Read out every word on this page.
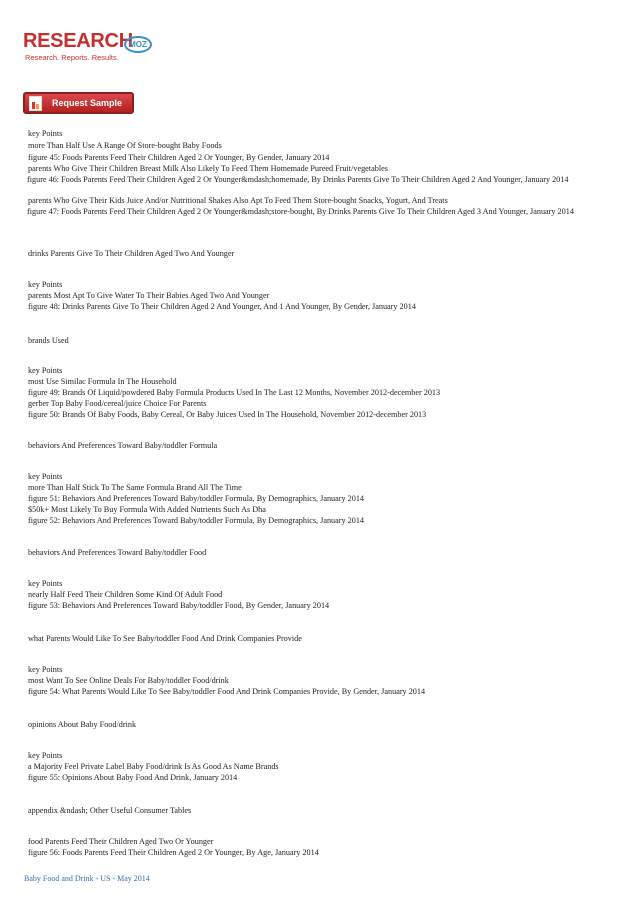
RESEARCH
MOZ
Research. Reports. Results.
Request Sample
key Points
more Than Half Use A Range Of Store-bought Baby Foods
figure 45: Foods Parents Feed Their Children Aged 2 Or Younger, By Gender, January 2014
parents Who Give Their Children Breast Milk Also Likely To Feed Them Homemade Pureed Fruit/vegetables
figure 46: Foods Parents Feed Their Children Aged 2 Or Younger&mdash;homemade, By Drinks Parents Give To Their Children Aged 2 And Younger, January 2014
parents Who Give Their Kids Juice And/or Nutritional Shakes Also Apt To Feed Them Store-bought Snacks, Yogurt, And Treats
figure 47: Foods Parents Feed Their Children Aged 2 Or Younger&mdash;store-bought, By Drinks Parents Give To Their Children Aged 3 And Younger, January 2014
drinks Parents Give To Their Children Aged Two And Younger
key Points
parents Most Apt To Give Water To Their Babies Aged Two And Younger
figure 48: Drinks Parents Give To Their Children Aged 2 And Younger, And 1 And Younger, By Gender, January 2014
brands Used
key Points
most Use Similac Formula In The Household
figure 49: Brands Of Liquid/powdered Baby Formula Products Used In The Last 12 Months, November 2012-december 2013
gerber Top Baby Food/cereal/juice Choice For Parents
figure 50: Brands Of Baby Foods, Baby Cereal, Or Baby Juices Used In The Household, November 2012-december 2013
behaviors And Preferences Toward Baby/toddler Formula
key Points
more Than Half Stick To The Same Formula Brand All The Time
figure 51: Behaviors And Preferences Toward Baby/toddler Formula, By Demographics, January 2014
$50k+ Most Likely To Buy Formula With Added Nutrients Such As Dha
figure 52: Behaviors And Preferences Toward Baby/toddler Formula, By Demographics, January 2014
behaviors And Preferences Toward Baby/toddler Food
key Points
nearly Half Feed Their Children Some Kind Of Adult Food
figure 53: Behaviors And Preferences Toward Baby/toddler Food, By Gender, January 2014
what Parents Would Like To See Baby/toddler Food And Drink Companies Provide
key Points
most Want To See Online Deals For Baby/toddler Food/drink
figure 54: What Parents Would Like To See Baby/toddler Food And Drink Companies Provide, By Gender, January 2014
opinions About Baby Food/drink
key Points
a Majority Feel Private Label Baby Food/drink Is As Good As Name Brands
figure 55: Opinions About Baby Food And Drink, January 2014
appendix &ndash; Other Useful Consumer Tables
food Parents Feed Their Children Aged Two Or Younger
figure 56: Foods Parents Feed Their Children Aged 2 Or Younger, By Age, January 2014
Baby Food and Drink - US - May 2014
